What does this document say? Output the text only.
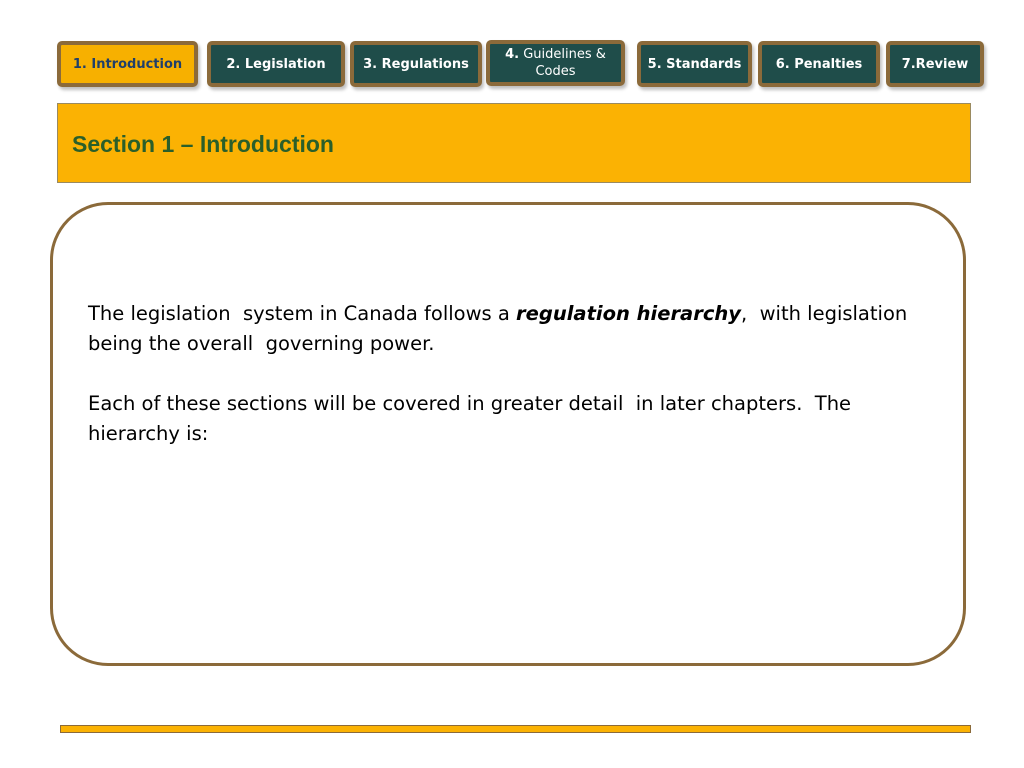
1. Introduction	2. Legislation	3. Regulations
4. Guidelines &
Codes	5. Standards	6. Penalties	7.Review
Section 1 – Introduction

The legislation  system in Canada follows a regulation hierarchy,  with legislation being the overall  governing power.

Each of these sections will be covered in greater detail  in later chapters.  The hierarchy is:
